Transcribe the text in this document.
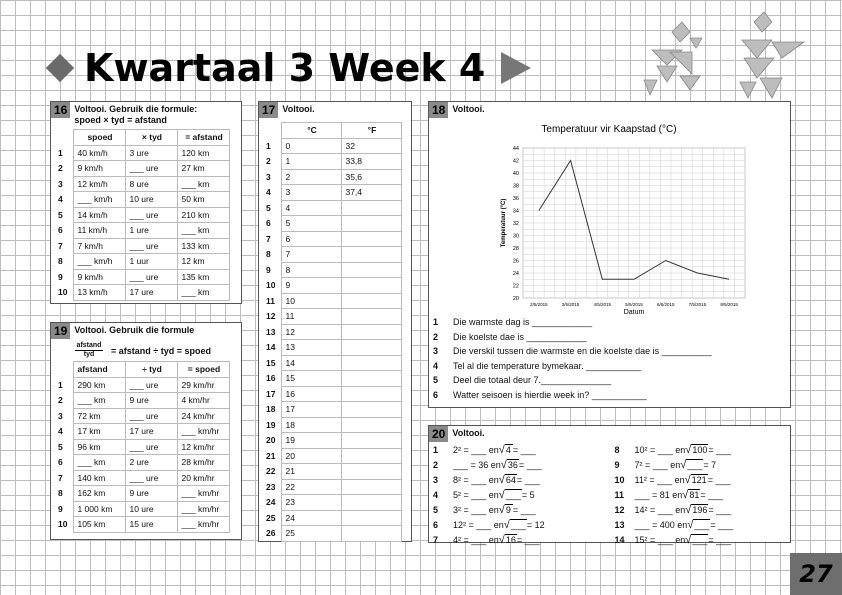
Kwartaal 3 Week 4
16 Voltooi. Gebruik die formule:
spoed × tyd = afstand
	spoed	× tyd	= afstand
1	40 km/h	3 ure	120 km
2	9 km/h	___ ure	27 km
3	12 km/h	8 ure	___ km
4	___ km/h	10 ure	50 km
5	14 km/h	___ ure	210 km
6	11 km/h	1 ure	___ km
7	7 km/h	___ ure	133 km
8	___ km/h	1 uur	12 km
9	9 km/h	___ ure	135 km
10	13 km/h	17 ure	___ km
19 Voltooi. Gebruik die formule
afstand
tyd	= afstand ÷ tyd = spoed
	afstand	÷ tyd	= spoed
1	290 km	___ ure	29 km/hr
2	___ km	9 ure	4 km/hr
3	72 km	___ ure	24 km/hr
4	17 km	17 ure	___ km/hr
5	96 km	___ ure	12 km/hr
6	___ km	2 ure	28 km/hr
7	140 km	___ ure	20 km/hr
8	162 km	9 ure	___ km/hr
9	1 000 km	10 ure	___ km/hr
10	105 km	15 ure	___ km/hr
17 Voltooi.
	°C	°F
1	0	32
2	1	33,8
3	2	35,6
4	3	37,4
5	4	
6	5	
7	6	
8	7	
9	8	
10	9	
11	10	
12	11	
13	12	
14	13	
15	14	
16	15	
17	16	
18	17	
19	18	
20	19	
21	20	
22	21	
23	22	
24	23	
25	24	
26	25	
18 Voltooi.
Temperatuur vir Kaapstad (°C)
20
22
24
26
28
30
32
34
36
38
40
42
44
2/5/2015	3/5/2015	4/5/2015	5/5/2015	6/5/2015	7/5/2015	8/5/2015
Temperatuur (°C)
Datum
1	Die warmste dag is ____________
2	Die koelste dae is ____________
3	Die verskil tussen die warmste en die koelste dae is __________
4	Tel al die temperature bymekaar. ___________
5	Deel die totaal deur 7.______________
6	Watter seisoen is hierdie week in? ___________
20 Voltooi.
1	2² = ___ en √ 4 = ___
2	___ = 36 en √ 36 = ___
3	8² = ___ en √ 64 = ___
4	5² = ___ en √ ___ = 5
5	3² = ___ en √ 9 = ___
6	12² = ___ en √ ___ = 12
7	4² = ___ en √ 16 = ___
8	10² = ___ en √ 100 = ___
9	7² = ___ en √ ___ = 7
10	11² = ___ en √ 121 = ___
11	___ = 81 en √ 81 = ___
12	14² = ___ en √ 196 = ___
13	___ = 400 en √ ___ = ___
14	15² = ___ en √ ___ = ___
27
